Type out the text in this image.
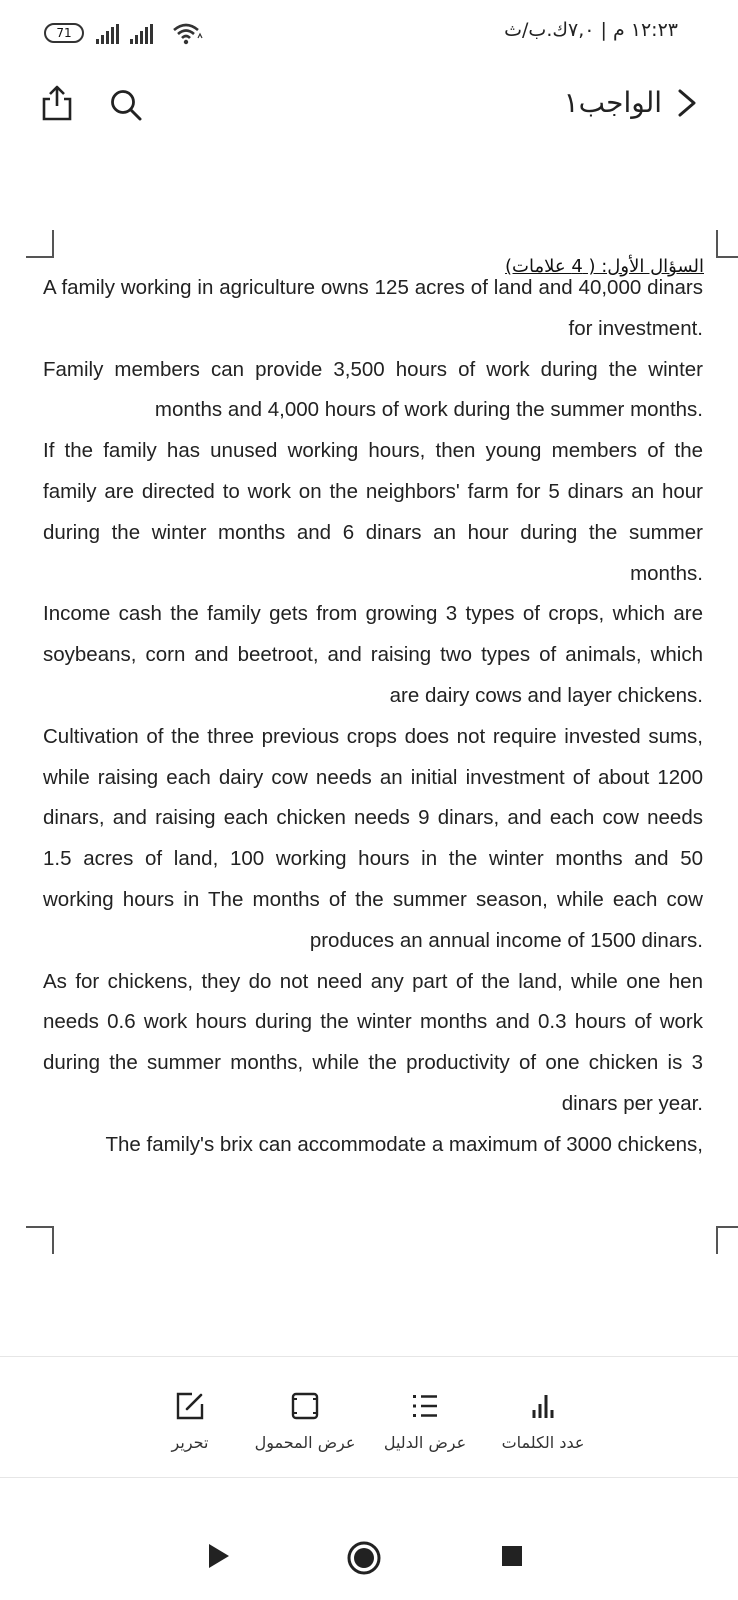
71	١٢:٢٣ م | ٧,٠ك.ب/ث
الواجب١
السؤال الأول: ( 4 علامات)

A family working in agriculture owns 125 acres of land and 40,000 dinars for investment.

Family members can provide 3,500 hours of work during the winter months and 4,000 hours of work during the summer months.

If the family has unused working hours, then young members of the family are directed to work on the neighbors' farm for 5 dinars an hour during the winter months and 6 dinars an hour during the summer months.

Income cash the family gets from growing 3 types of crops, which are soybeans, corn and beetroot, and raising two types of animals, which are dairy cows and layer chickens.

Cultivation of the three previous crops does not require invested sums, while raising each dairy cow needs an initial investment of about 1200 dinars, and raising each chicken needs 9 dinars, and each cow needs 1.5 acres of land, 100 working hours in the winter months and 50 working hours in The months of the summer season, while each cow produces an annual income of 1500 dinars.

As for chickens, they do not need any part of the land, while one hen needs 0.6 work hours during the winter months and 0.3 hours of work during the summer months, while the productivity of one chicken is 3 dinars per year.

The family's brix can accommodate a maximum of 3000 chickens,

تحرير	عرض المحمول	عرض الدليل	عدد الكلمات
